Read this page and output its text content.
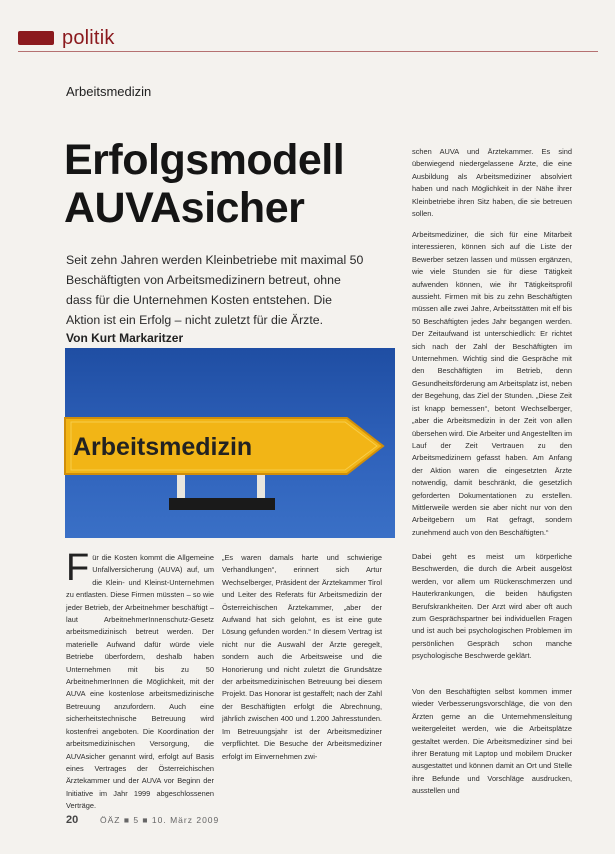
politik
Arbeitsmedizin
Erfolgsmodell
AUVAsicher
Seit zehn Jahren werden Kleinbetriebe mit maximal 50 Beschäftigten von Arbeitsmedizinern betreut, ohne dass für die Unternehmen Kosten entstehen. Die Aktion ist ein Erfolg – nicht zuletzt für die Ärzte.
Von Kurt Markaritzer
Arbeitsmedizin
Für die Kosten kommt die Allgemeine Unfallversicherung (AUVA) auf, um die Klein- und Kleinst-Unternehmen zu entlasten. Diese Firmen müssten – so wie jeder Betrieb, der Arbeitnehmer beschäftigt – laut ArbeitnehmerInnenschutz-Gesetz arbeitsmedizinisch betreut werden. Der materielle Aufwand dafür würde viele Betriebe überfordern, deshalb haben Unternehmen mit bis zu 50 ArbeitnehmerInnen die Möglichkeit, mit der AUVA eine kostenlose arbeitsmedizinische Betreuung anzufordern. Auch eine sicherheitstechnische Betreuung wird kostenfrei angeboten. Die Koordination der arbeitsmedizinischen Versorgung, die AUVAsicher genannt wird, erfolgt auf Basis eines Vertrages der Österreichischen Ärztekammer und der AUVA vor Beginn der Initiative im Jahr 1999 abgeschlossenen Verträge.
„Es waren damals harte und schwierige Verhandlungen“, erinnert sich Artur Wechselberger, Präsident der Ärztekammer Tirol und Leiter des Referats für Arbeitsmedizin der Österreichischen Ärztekammer, „aber der Aufwand hat sich gelohnt, es ist eine gute Lösung gefunden worden.“ In diesem Vertrag ist nicht nur die Auswahl der Ärzte geregelt, sondern auch die Arbeitsweise und die Honorierung und nicht zuletzt die Grundsätze der arbeitsmedizinischen Betreuung bei diesem Projekt. Das Honorar ist gestaffelt; nach der Zahl der Beschäftigten erfolgt die Abrechnung, jährlich zwischen 400 und 1.200 Jahresstunden. Im Betreuungsjahr ist der Arbeitsmediziner verpflichtet. Die Besuche der Arbeitsmediziner erfolgt im Einvernehmen zwi-
schen AUVA und Ärztekammer. Es sind überwiegend niedergelassene Ärzte, die eine Ausbildung als Arbeitsmediziner absolviert haben und nach Möglichkeit in der Nähe ihrer Kleinbetriebe ihren Sitz haben, die sie betreuen sollen.
Arbeitsmediziner, die sich für eine Mitarbeit interessieren, können sich auf die Liste der Bewerber setzen lassen und müssen ergänzen, wie viele Stunden sie für diese Tätigkeit aufwenden können, wie ihr Tätigkeitsprofil aussieht. Firmen mit bis zu zehn Beschäftigten müssen alle zwei Jahre, Arbeitsstätten mit elf bis 50 Beschäftigten jedes Jahr begangen werden. Der Zeitaufwand ist unterschiedlich: Er richtet sich nach der Zahl der Beschäftigten im Unternehmen. Wichtig sind die Gespräche mit den Beschäftigten im Betrieb, denn Gesundheitsförderung am Arbeitsplatz ist, neben der Begehung, das Ziel der Stunden. „Diese Zeit ist knapp bemessen“, betont Wechselberger, „aber die Arbeitsmedizin in der Zeit von allen übersehen wird. Die Arbeiter und Angestellten im Lauf der Zeit Vertrauen zu den Arbeitsmedizinern gefasst haben. Am Anfang der Aktion waren die eingesetzten Ärzte notwendig, damit beschränkt, die gesetzlich geforderten Dokumentationen zu erstellen. Mittlerweile werden sie aber nicht nur von den Arbeitgebern um Rat gefragt, sondern zunehmend auch von den Beschäftigten.“
Dabei geht es meist um körperliche Beschwerden, die durch die Arbeit ausgelöst werden, vor allem um Rückenschmerzen und Hauterkrankungen, die beiden häufigsten Berufskrankheiten. Der Arzt wird aber oft auch zum Gesprächspartner bei individuellen Fragen und ist auch bei psychologischen Problemen im persönlichen Gespräch schon manche psychologische Beschwerde geklärt.
Von den Beschäftigten selbst kommen immer wieder Verbesserungsvorschläge, die von den Ärzten gerne an die Unternehmensleitung weitergeleitet werden, wie die Arbeitsplätze gestaltet werden. Die Arbeitsmediziner sind bei ihrer Beratung mit Laptop und mobilem Drucker ausgestattet und können damit an Ort und Stelle ihre Befunde und Vorschläge ausdrucken, ausstellen und
20	ÖÄZ ■ 5 ■ 10. März 2009
